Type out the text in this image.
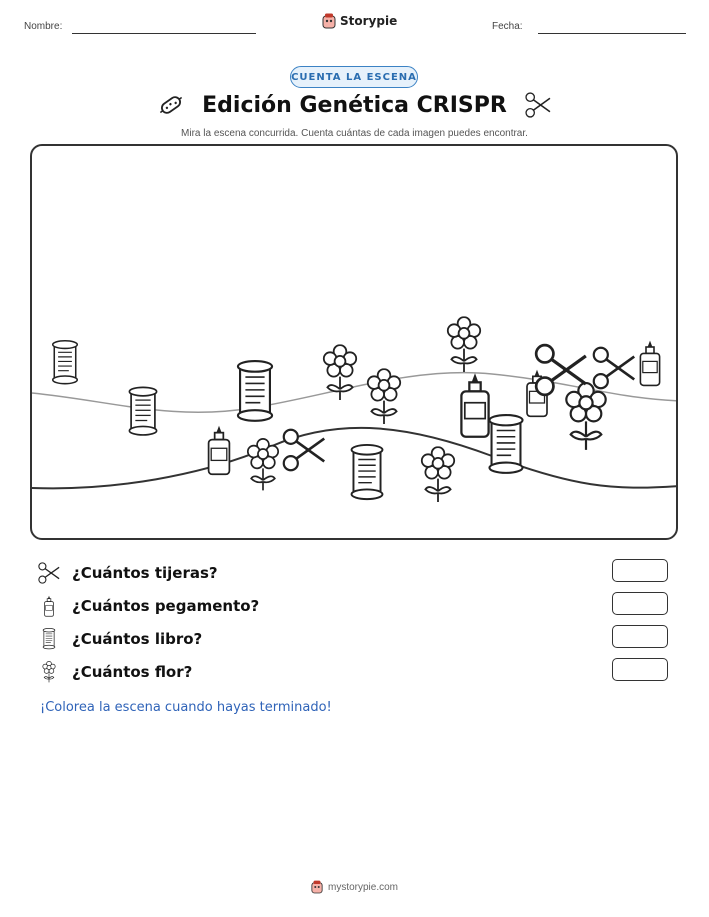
Nombre:	Storypie	Fecha:
CUENTA LA ESCENA
Edición Genética CRISPR
Mira la escena concurrida. Cuenta cuántas de cada imagen puedes encontrar.
¿Cuántos tijeras?
¿Cuántos pegamento?
¿Cuántos libro?
¿Cuántos flor?
¡Colorea la escena cuando hayas terminado!
mystorypie.com
